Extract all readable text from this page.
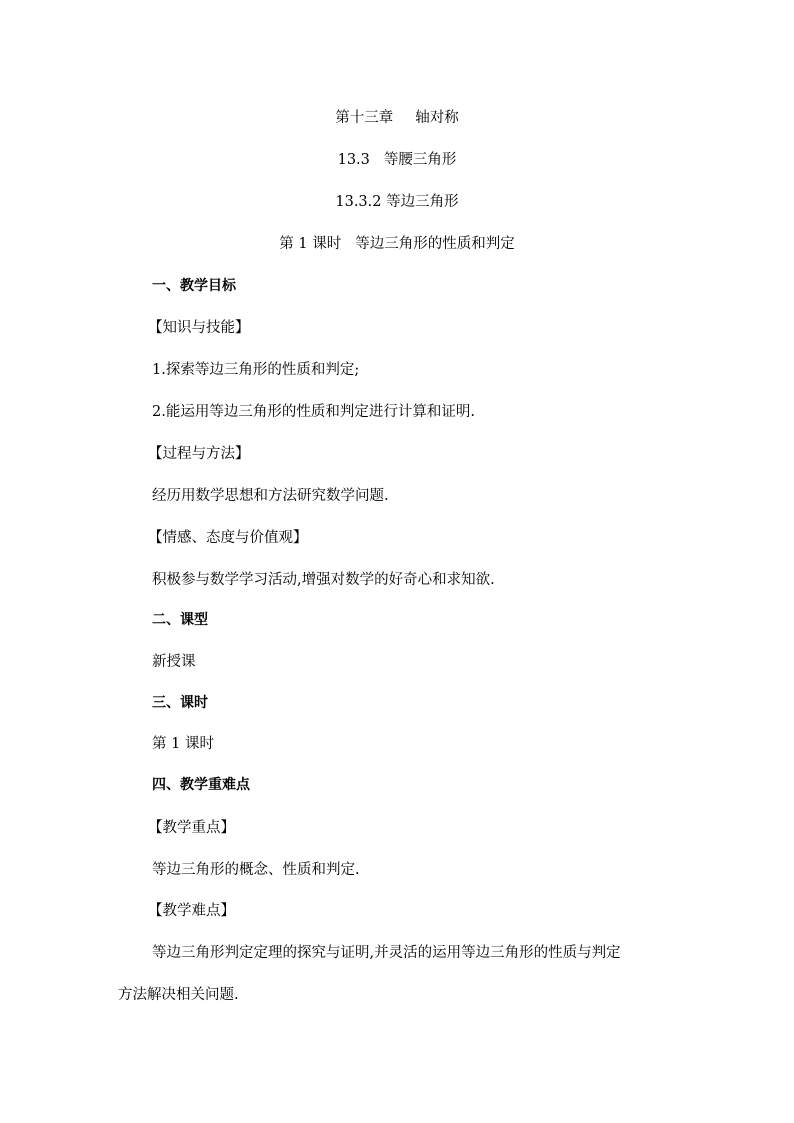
第十三章 轴对称
13.3 等腰三角形
13.3.2 等边三角形
第 1 课时 等边三角形的性质和判定
一、教学目标
【知识与技能】
1.探索等边三角形的性质和判定;
2.能运用等边三角形的性质和判定进行计算和证明.
【过程与方法】
经历用数学思想和方法研究数学问题.
【情感、态度与价值观】
积极参与数学学习活动,增强对数学的好奇心和求知欲.
二、课型
新授课
三、课时
第 1 课时
四、教学重难点
【教学重点】
等边三角形的概念、性质和判定.
【教学难点】
等边三角形判定定理的探究与证明,并灵活的运用等边三角形的性质与判定
方法解决相关问题.
